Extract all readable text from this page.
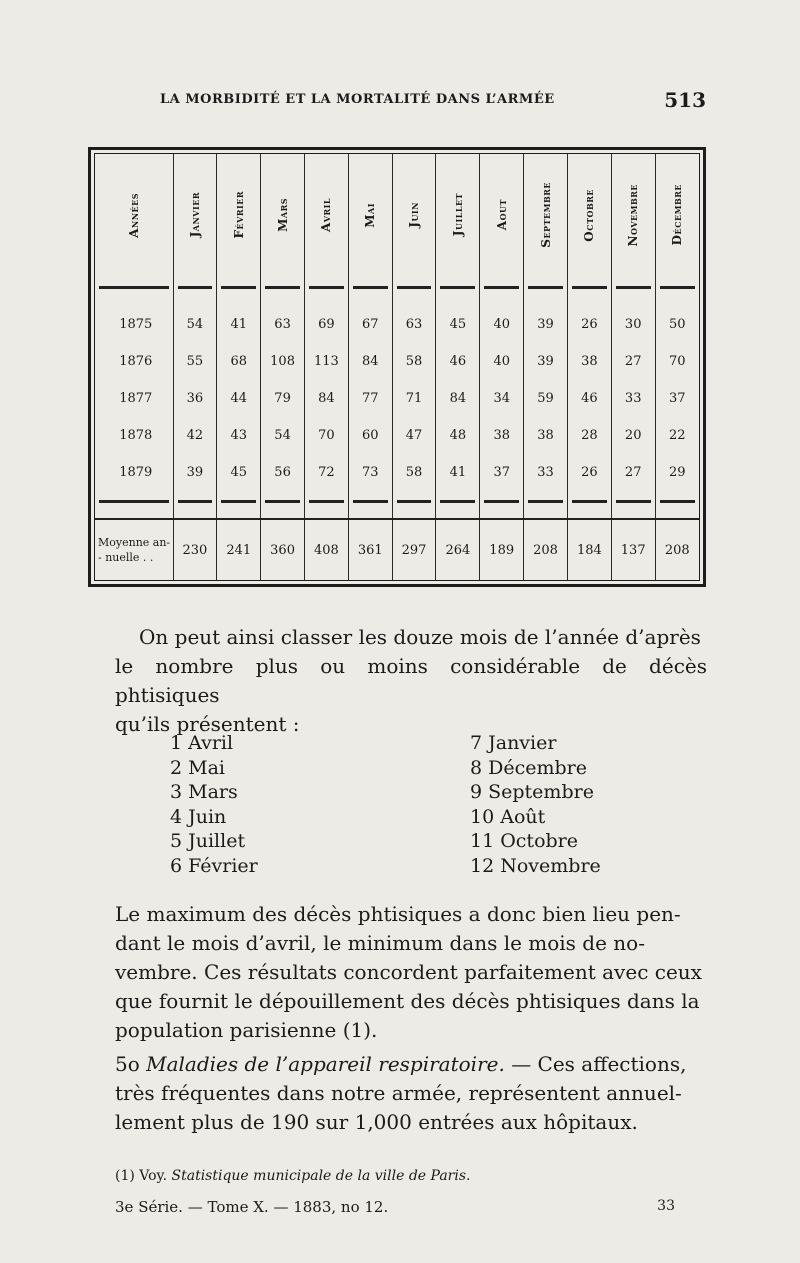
LA MORBIDITÉ ET LA MORTALITÉ DANS L’ARMÉE	513
Années	Janvier	Février	Mars	Avril	Mai	Juin	Juillet	Aout	Septembre	Octobre	Novembre	Décembre

1875	54	41	63	69	67	63	45	40	39	26	30	50
1876	55	68	108	113	84	58	46	40	39	38	27	70
1877	36	44	79	84	77	71	84	34	59	46	33	37
1878	42	43	54	70	60	47	48	38	38	28	20	22
1879	39	45	56	72	73	58	41	37	33	26	27	29

Moyenne an-
- nuelle . .	230	241	360	408	361	297	264	189	208	184	137	208
On peut ainsi classer les douze mois de l’année d’après
le nombre plus ou moins considérable de décès phtisiques
qu’ils présentent :
1 Avril
2 Mai
3 Mars
4 Juin
5 Juillet
6 Février
7 Janvier
8 Décembre
9 Septembre
10 Août
11 Octobre
12 Novembre
Le maximum des décès phtisiques a donc bien lieu pen-
dant le mois d’avril, le minimum dans le mois de no-
vembre. Ces résultats concordent parfaitement avec ceux
que fournit le dépouillement des décès phtisiques dans la
population parisienne (1).
5o Maladies de l’appareil respiratoire. — Ces affections,
très fréquentes dans notre armée, représentent annuel-
lement plus de 190 sur 1,000 entrées aux hôpitaux.
(1) Voy. Statistique municipale de la ville de Paris.
3e Série. — Tome X. — 1883, no 12.	33
